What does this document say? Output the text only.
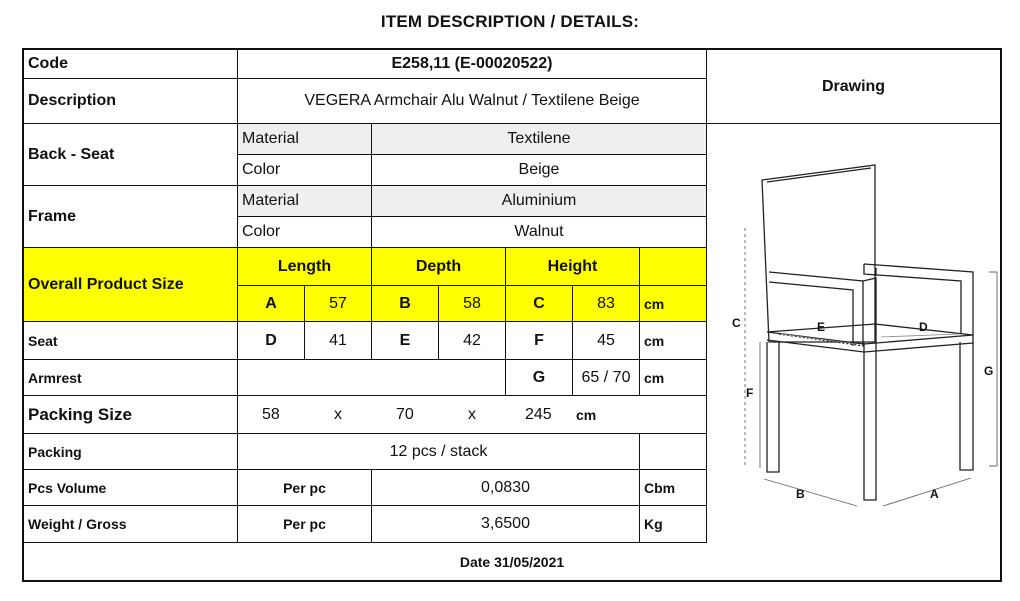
ITEM DESCRIPTION / DETAILS:
Code	E258,11 (E-00020522)
Description	VEGERA Armchair Alu Walnut / Textilene Beige
Drawing
Back - Seat
Material	Textilene
Color	Beige
Frame
Material	Aluminium
Color	Walnut
Overall Product Size
Length	Depth	Height
A	57	B	58	C	83	cm
Seat	D	41	E	42	F	45	cm
Armrest	G	65 / 70 cm
Packing Size	58	x	70	x	245 cm
Packing	12 pcs / stack
Pcs Volume	Per pc	0,0830	Cbm
Weight / Gross	Per pc	3,6500	Kg
Date 31/05/2021
C	E	D
F
G
B	A
